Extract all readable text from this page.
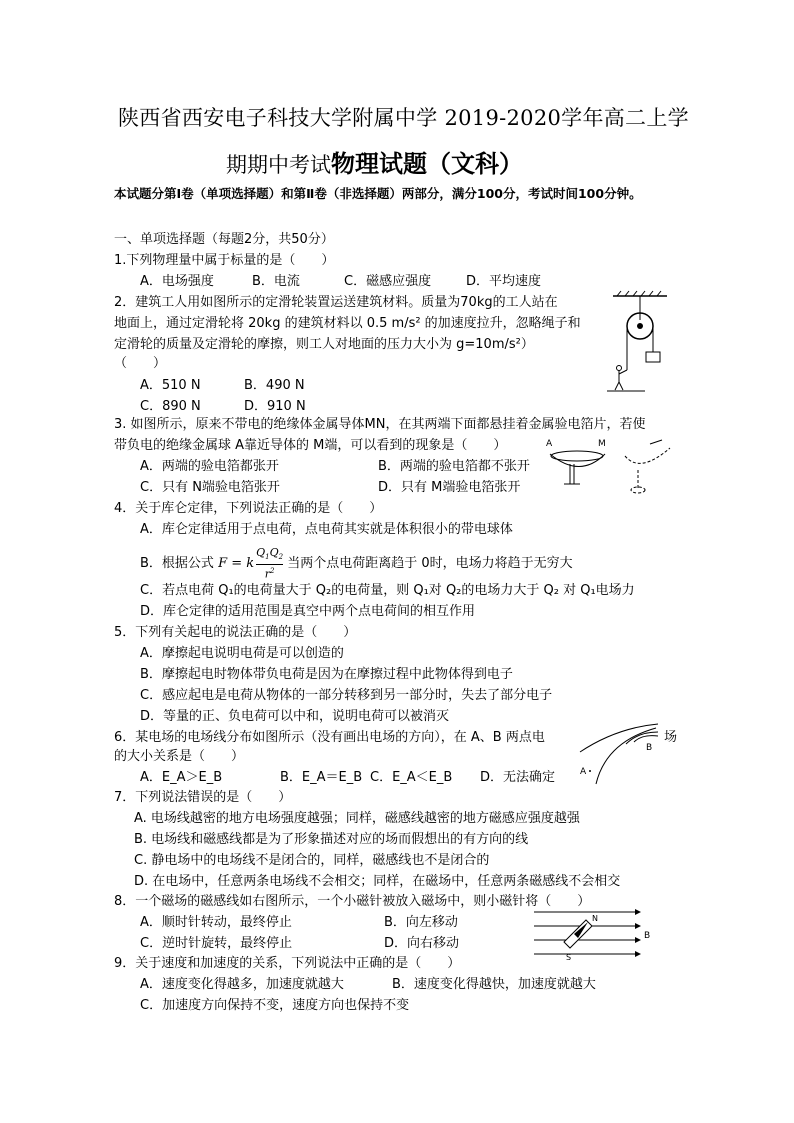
陕西省西安电子科技大学附属中学 2019-2020学年高二上学
期期中考试物理试题（文科）
本试题分第Ⅰ卷（单项选择题）和第Ⅱ卷（非选择题）两部分，满分100分，考试时间100分钟。
一、单项选择题（每题2分，共50分）
1.下列物理量中属于标量的是（　　）
A．电场强度	B．电流	C．磁感应强度	D．平均速度
2．建筑工人用如图所示的定滑轮装置运送建筑材料。质量为70kg的工人站在
地面上，通过定滑轮将 20kg 的建筑材料以 0.5 m/s² 的加速度拉升，忽略绳子和
定滑轮的质量及定滑轮的摩擦，则工人对地面的压力大小为 g=10m/s²）
（　　）
A．510 N	B．490 N
C．890 N	D．910 N
3. 如图所示，原来不带电的绝缘体金属导体MN，在其两端下面都悬挂着金属验电箔片，若使
带负电的绝缘金属球 A靠近导体的 M端，可以看到的现象是（　　）
A．两端的验电箔都张开	B．两端的验电箔都不张开
C．只有 N端验电箔张开	D．只有 M端验电箔张开
A	M
4．关于库仑定律，下列说法正确的是（　　）
A．库仑定律适用于点电荷，点电荷其实就是体积很小的带电球体
B．根据公式 F = k $\frac{Q_1Q_2}{r^2}$ 当两个点电荷距离趋于 0时，电场力将趋于无穷大
C．若点电荷 Q₁的电荷量大于 Q₂的电荷量，则 Q₁对 Q₂的电场力大于 Q₂ 对 Q₁电场力
D．库仑定律的适用范围是真空中两个点电荷间的相互作用
5．下列有关起电的说法正确的是（　　）
A．摩擦起电说明电荷是可以创造的
B．摩擦起电时物体带负电荷是因为在摩擦过程中此物体得到电子
C．感应起电是电荷从物体的一部分转移到另一部分时，失去了部分电子
D．等量的正、负电荷可以中和，说明电荷可以被消灭
6．某电场的电场线分布如图所示（没有画出电场的方向），在 A、B 两点电	场
的大小关系是（　　）
A．E_A＞E_B	B．E_A＝E_B C．E_A＜E_B D．无法确定
B
A
7．下列说法错误的是（　　）
A. 电场线越密的地方电场强度越强；同样，磁感线越密的地方磁感应强度越强
B. 电场线和磁感线都是为了形象描述对应的场而假想出的有方向的线
C. 静电场中的电场线不是闭合的，同样，磁感线也不是闭合的
D. 在电场中，任意两条电场线不会相交；同样，在磁场中，任意两条磁感线不会相交
8．一个磁场的磁感线如右图所示，一个小磁针被放入磁场中，则小磁针将（　　）
A．顺时针转动，最终停止	B．向左移动
C．逆时针旋转，最终停止	D．向右移动
N
S
B
9．关于速度和加速度的关系，下列说法中正确的是（　　）
A．速度变化得越多，加速度就越大	B．速度变化得越快，加速度就越大
C．加速度方向保持不变，速度方向也保持不变
